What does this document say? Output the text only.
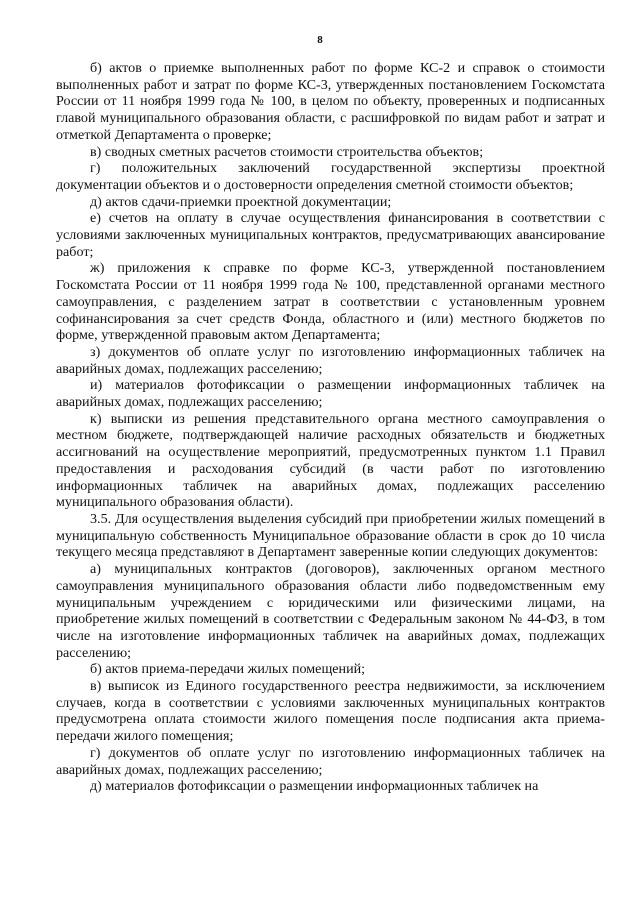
8

б) актов о приемке выполненных работ по форме КС-2 и справок о стоимости выполненных работ и затрат по форме КС-3, утвержденных постановлением Госкомстата России от 11 ноября 1999 года № 100, в целом по объекту, проверенных и подписанных главой муниципального образования области, с расшифровкой по видам работ и затрат и отметкой Департамента о проверке;

в) сводных сметных расчетов стоимости строительства объектов;

г) положительных заключений государственной экспертизы проектной документации объектов и о достоверности определения сметной стоимости объектов;

д) актов сдачи-приемки проектной документации;

е) счетов на оплату в случае осуществления финансирования в соответствии с условиями заключенных муниципальных контрактов, предусматривающих авансирование работ;

ж) приложения к справке по форме КС-3, утвержденной постановлением Госкомстата России от 11 ноября 1999 года № 100, представленной органами местного самоуправления, с разделением затрат в соответствии с установленным уровнем софинансирования за счет средств Фонда, областного и (или) местного бюджетов по форме, утвержденной правовым актом Департамента;

з) документов об оплате услуг по изготовлению информационных табличек на аварийных домах, подлежащих расселению;

и) материалов фотофиксации о размещении информационных табличек на аварийных домах, подлежащих расселению;

к) выписки из решения представительного органа местного самоуправления о местном бюджете, подтверждающей наличие расходных обязательств и бюджетных ассигнований на осуществление мероприятий, предусмотренных пунктом 1.1 Правил предоставления и расходования субсидий (в части работ по изготовлению информационных табличек на аварийных домах, подлежащих расселению муниципального образования области).

3.5. Для осуществления выделения субсидий при приобретении жилых помещений в муниципальную собственность Муниципальное образование области в срок до 10 числа текущего месяца представляют в Департамент заверенные копии следующих документов:

а) муниципальных контрактов (договоров), заключенных органом местного самоуправления муниципального образования области либо подведомственным ему муниципальным учреждением с юридическими или физическими лицами, на приобретение жилых помещений в соответствии с Федеральным законом № 44-ФЗ, в том числе на изготовление информационных табличек на аварийных домах, подлежащих расселению;

б) актов приема-передачи жилых помещений;

в) выписок из Единого государственного реестра недвижимости, за исключением случаев, когда в соответствии с условиями заключенных муниципальных контрактов предусмотрена оплата стоимости жилого помещения после подписания акта приема-передачи жилого помещения;

г) документов об оплате услуг по изготовлению информационных табличек на аварийных домах, подлежащих расселению;

д) материалов фотофиксации о размещении информационных табличек на
